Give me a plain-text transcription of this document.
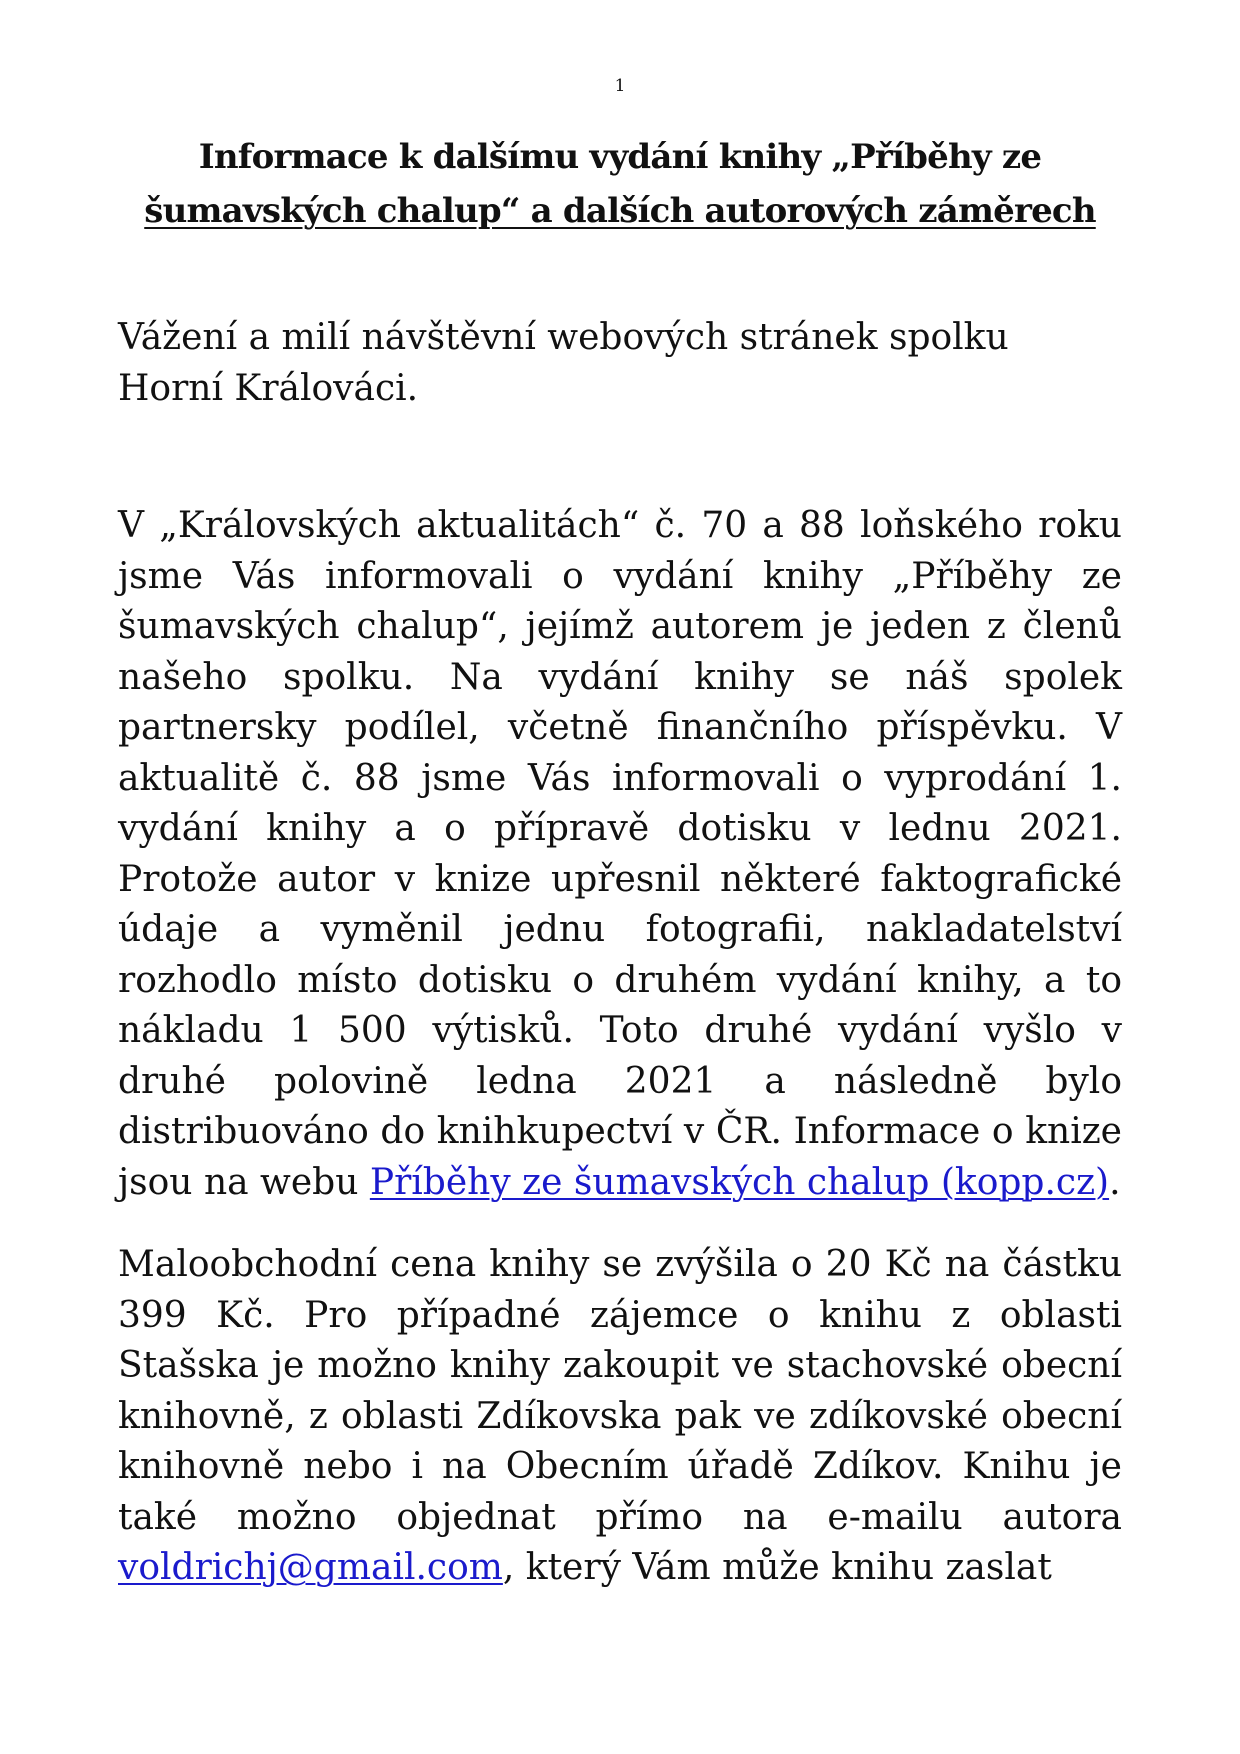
1
Informace k dalšímu vydání knihy „Příběhy ze
šumavských chalup“ a dalších autorových záměrech

Vážení a milí návštěvní webových stránek spolku Horní Králováci.

V „Královských aktualitách“ č. 70 a 88 loňského roku jsme Vás informovali o vydání knihy „Příběhy ze šumavských chalup“, jejímž autorem je jeden z členů našeho spolku. Na vydání knihy se náš spolek partnersky podílel, včetně finančního příspěvku. V aktualitě č. 88 jsme Vás informovali o vyprodání 1. vydání knihy a o přípravě dotisku v lednu 2021. Protože autor v knize upřesnil některé faktografické údaje a vyměnil jednu fotografii, nakladatelství rozhodlo místo dotisku o druhém vydání knihy, a to nákladu 1 500 výtisků. Toto druhé vydání vyšlo v druhé polovině ledna 2021 a následně bylo distribuováno do knihkupectví v ČR. Informace o knize jsou na webu Příběhy ze šumavských chalup (kopp.cz).

Maloobchodní cena knihy se zvýšila o 20 Kč na částku 399 Kč. Pro případné zájemce o knihu z oblasti Stašska je možno knihy zakoupit ve stachovské obecní knihovně, z oblasti Zdíkovska pak ve zdíkovské obecní knihovně nebo i na Obecním úřadě Zdíkov. Knihu je také možno objednat přímo na e-mailu autora voldrichj@gmail.com, který Vám může knihu zaslat
